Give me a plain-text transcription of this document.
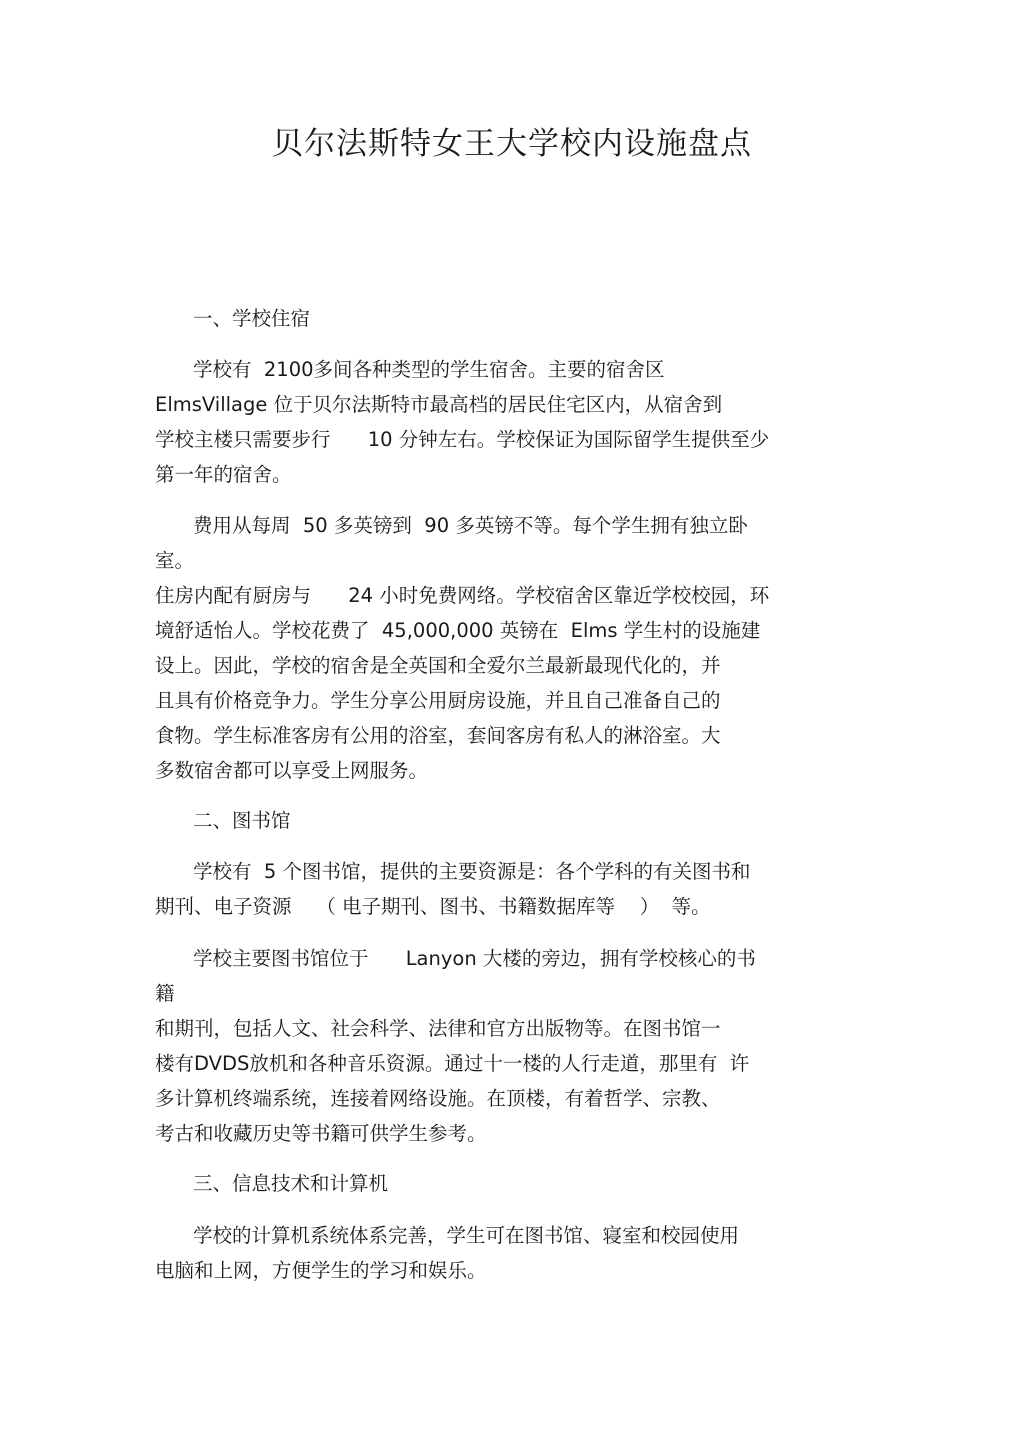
贝尔法斯特女王大学校内设施盘点

一、学校住宿

学校有  2100多间各种类型的学生宿舍。主要的宿舍区

ElmsVillage 位于贝尔法斯特市最高档的居民住宅区内，从宿舍到

学校主楼只需要步行      10 分钟左右。学校保证为国际留学生提供至少

第一年的宿舍。

费用从每周  50 多英镑到  90 多英镑不等。每个学生拥有独立卧

室。

住房内配有厨房与      24 小时免费网络。学校宿舍区靠近学校校园，环

境舒适怡人。学校花费了  45,000,000 英镑在  Elms 学生村的设施建

设上。因此，学校的宿舍是全英国和全爱尔兰最新最现代化的，并

且具有价格竞争力。学生分享公用厨房设施，并且自己准备自己的

食物。学生标准客房有公用的浴室，套间客房有私人的淋浴室。大

多数宿舍都可以享受上网服务。

二、图书馆

学校有  5 个图书馆，提供的主要资源是：各个学科的有关图书和

期刊、电子资源    （ 电子期刊、图书、书籍数据库等    ）  等。

学校主要图书馆位于      Lanyon 大楼的旁边，拥有学校核心的书

籍

和期刊，包括人文、社会科学、法律和官方出版物等。在图书馆一

楼有DVDS放机和各种音乐资源。通过十一楼的人行走道，那里有  许

多计算机终端系统，连接着网络设施。在顶楼，有着哲学、宗教、

考古和收藏历史等书籍可供学生参考。

三、信息技术和计算机

学校的计算机系统体系完善，学生可在图书馆、寝室和校园使用

电脑和上网，方便学生的学习和娱乐。
